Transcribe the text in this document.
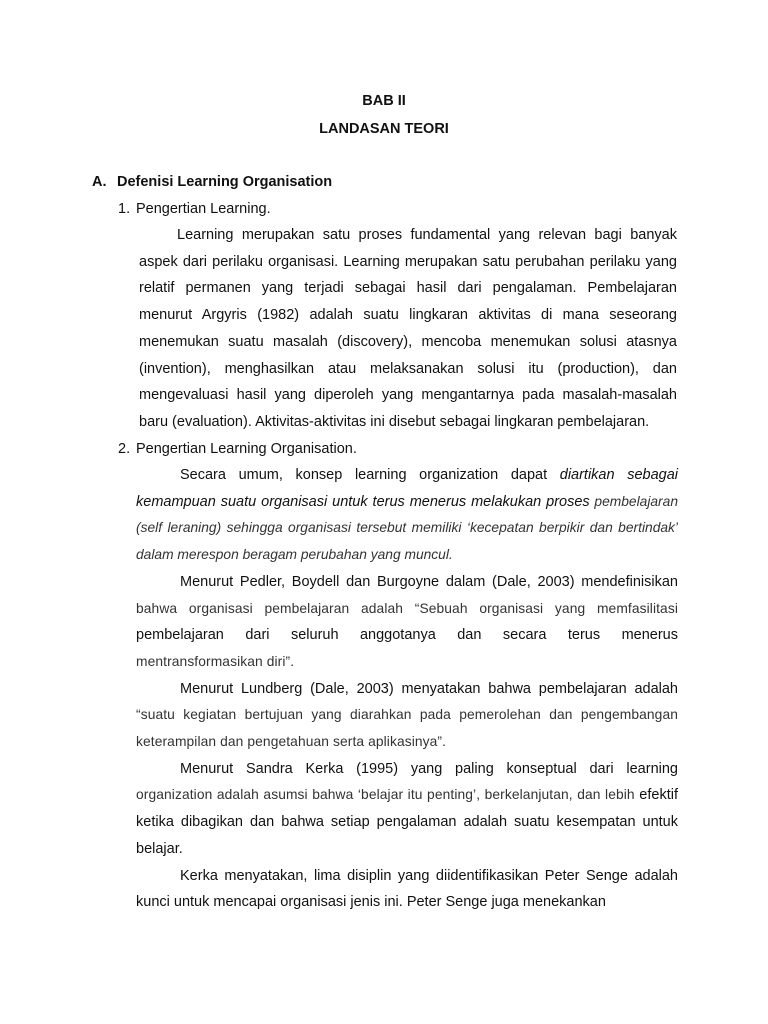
BAB II
LANDASAN TEORI
A. Defenisi Learning Organisation
1. Pengertian Learning.

Learning merupakan satu proses fundamental yang relevan bagi banyak aspek dari perilaku organisasi. Learning merupakan satu perubahan perilaku yang relatif permanen yang terjadi sebagai hasil dari pengalaman. Pembelajaran menurut Argyris (1982) adalah suatu lingkaran aktivitas di mana seseorang menemukan suatu masalah (discovery), mencoba menemukan solusi atasnya (invention), menghasilkan atau melaksanakan solusi itu (production), dan mengevaluasi hasil yang diperoleh yang mengantarnya pada masalah-masalah baru (evaluation). Aktivitas-aktivitas ini disebut sebagai lingkaran pembelajaran.

2. Pengertian Learning Organisation.

Secara umum, konsep learning organization dapat diartikan sebagai kemampuan suatu organisasi untuk terus menerus melakukan proses pembelajaran (self leraning) sehingga organisasi tersebut memiliki ‘kecepatan berpikir dan bertindak’ dalam merespon beragam perubahan yang muncul.

Menurut Pedler, Boydell dan Burgoyne dalam (Dale, 2003) mendefinisikan bahwa organisasi pembelajaran adalah “Sebuah organisasi yang memfasilitasi pembelajaran dari seluruh anggotanya dan secara terus menerus mentransformasikan diri”.

Menurut Lundberg (Dale, 2003) menyatakan bahwa pembelajaran adalah “suatu kegiatan bertujuan yang diarahkan pada pemerolehan dan pengembangan keterampilan dan pengetahuan serta aplikasinya”.

Menurut Sandra Kerka (1995) yang paling konseptual dari learning organization adalah asumsi bahwa ‘belajar itu penting’, berkelanjutan, dan lebih efektif ketika dibagikan dan bahwa setiap pengalaman adalah suatu kesempatan untuk belajar.

Kerka menyatakan, lima disiplin yang diidentifikasikan Peter Senge adalah kunci untuk mencapai organisasi jenis ini. Peter Senge juga menekankan
